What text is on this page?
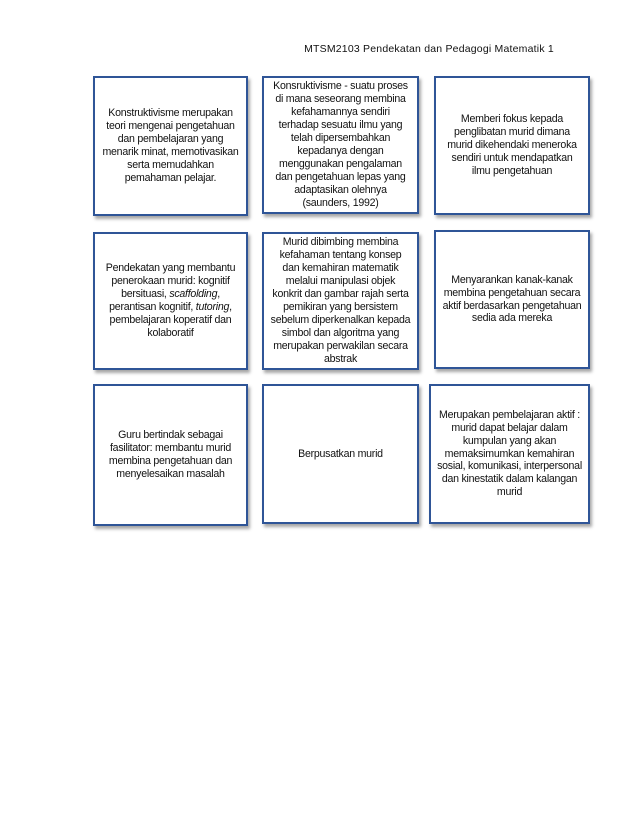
MTSM2103 Pendekatan dan Pedagogi Matematik 1
Konstruktivisme merupakan teori mengenai pengetahuan dan pembelajaran yang menarik minat, memotivasikan serta memudahkan pemahaman pelajar.
Konsruktivisme - suatu proses di mana seseorang membina kefahamannya sendiri terhadap sesuatu ilmu yang telah dipersembahkan kepadanya dengan menggunakan pengalaman dan pengetahuan lepas yang adaptasikan olehnya (saunders, 1992)
Memberi fokus kepada penglibatan murid dimana murid dikehendaki meneroka sendiri untuk mendapatkan ilmu pengetahuan
Pendekatan yang membantu penerokaan murid: kognitif bersituasi, scaffolding, perantisan kognitif, tutoring, pembelajaran koperatif dan kolaboratif
Murid dibimbing membina kefahaman tentang konsep dan kemahiran matematik melalui manipulasi objek konkrit dan gambar rajah serta pemikiran yang bersistem sebelum diperkenalkan kepada simbol dan algoritma yang merupakan perwakilan secara abstrak
Menyarankan kanak-kanak membina pengetahuan secara aktif berdasarkan pengetahuan sedia ada mereka
Guru bertindak sebagai fasilitator: membantu murid membina pengetahuan dan menyelesaikan masalah
Berpusatkan murid
Merupakan pembelajaran aktif : murid dapat belajar dalam kumpulan yang akan memaksimumkan kemahiran sosial, komunikasi, interpersonal dan kinestatik dalam kalangan murid
